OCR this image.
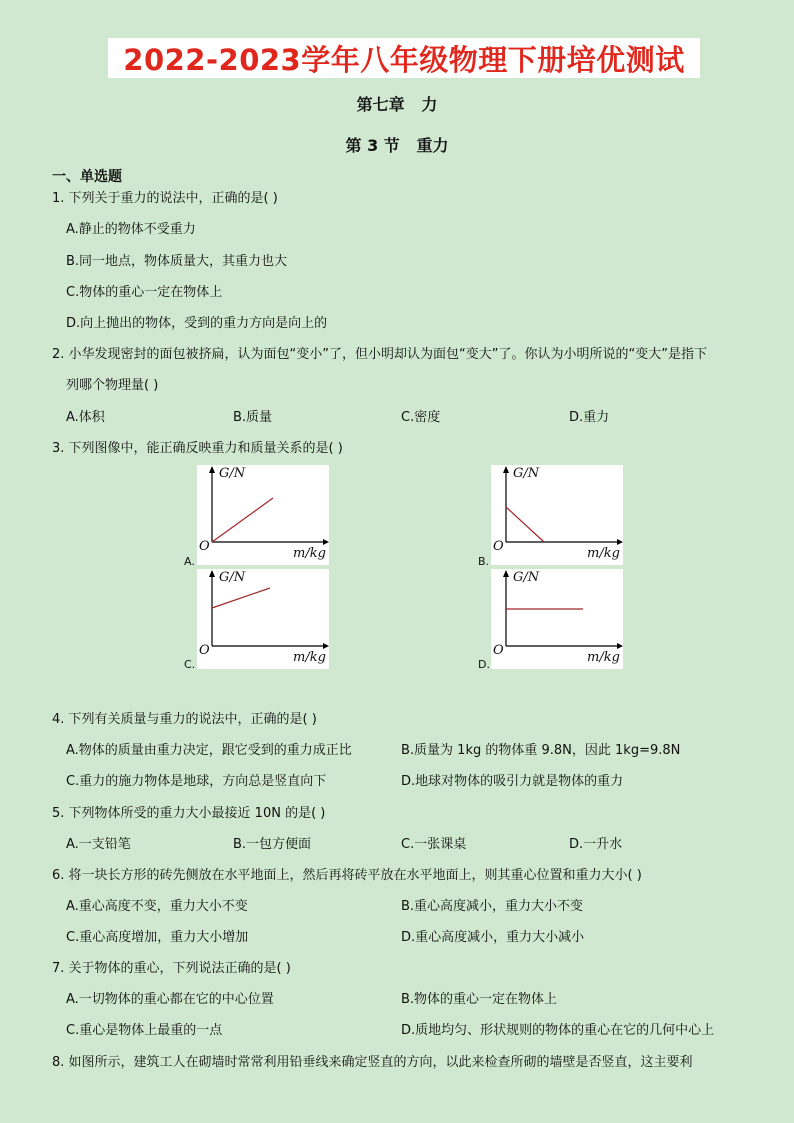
2022-2023学年八年级物理下册培优测试
第七章   力
第 3 节   重力
一、单选题
1. 下列关于重力的说法中，正确的是( )
A.静止的物体不受重力
B.同一地点，物体质量大，其重力也大
C.物体的重心一定在物体上
D.向上抛出的物体，受到的重力方向是向上的
2. 小华发现密封的面包被挤扁，认为面包“变小”了，但小明却认为面包“变大”了。你认为小明所说的“变大”是指下
列哪个物理量( )
A.体积	B.质量	C.密度	D.重力
3. 下列图像中，能正确反映重力和质量关系的是( )
A.
G/N
O	m/kg
B.
G/N
O	m/kg
C.
G/N
O	m/kg	D.
G/N
O	m/kg
4. 下列有关质量与重力的说法中，正确的是( )
A.物体的质量由重力决定，跟它受到的重力成正比	B.质量为 1kg 的物体重 9.8N，因此 1kg=9.8N
C.重力的施力物体是地球，方向总是竖直向下	D.地球对物体的吸引力就是物体的重力
5. 下列物体所受的重力大小最接近 10N 的是( )
A.一支铅笔	B.一包方便面	C.一张课桌	D.一升水
6. 将一块长方形的砖先侧放在水平地面上，然后再将砖平放在水平地面上，则其重心位置和重力大小( )
A.重心高度不变，重力大小不变	B.重心高度减小，重力大小不变
C.重心高度增加，重力大小增加	D.重心高度减小，重力大小减小
7. 关于物体的重心，下列说法正确的是( )
A.一切物体的重心都在它的中心位置	B.物体的重心一定在物体上
C.重心是物体上最重的一点	D.质地均匀、形状规则的物体的重心在它的几何中心上
8. 如图所示，建筑工人在砌墙时常常利用铅垂线来确定竖直的方向，以此来检查所砌的墙壁是否竖直，这主要利
